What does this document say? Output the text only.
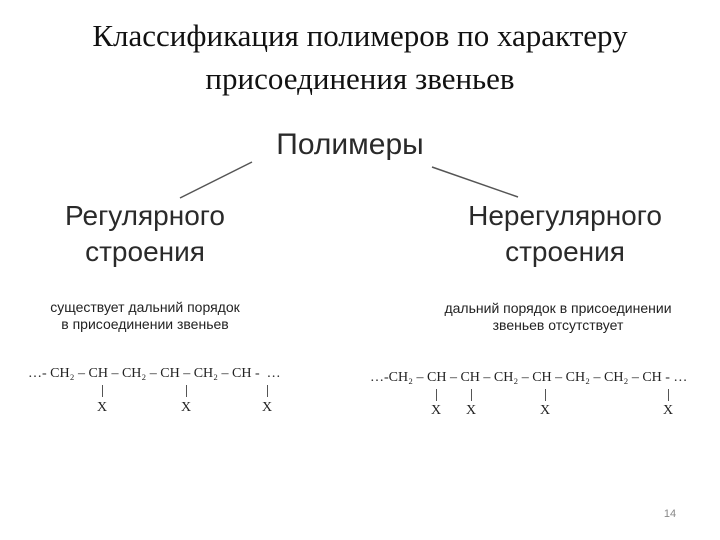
Классификация полимеров по характеру
присоединения звеньев
Полимеры
Регулярного
строения
Нерегулярного
строения
существует дальний порядок
в присоединении звеньев
дальний порядок в присоединении
звеньев отсутствует
…- CH₂ – CH – CH₂ – CH – CH₂ – CH -  …
X	X	X
…-CH₂ – CH – CH – CH₂ – CH – CH₂ – CH₂ – CH - …
X X	X	X
14
